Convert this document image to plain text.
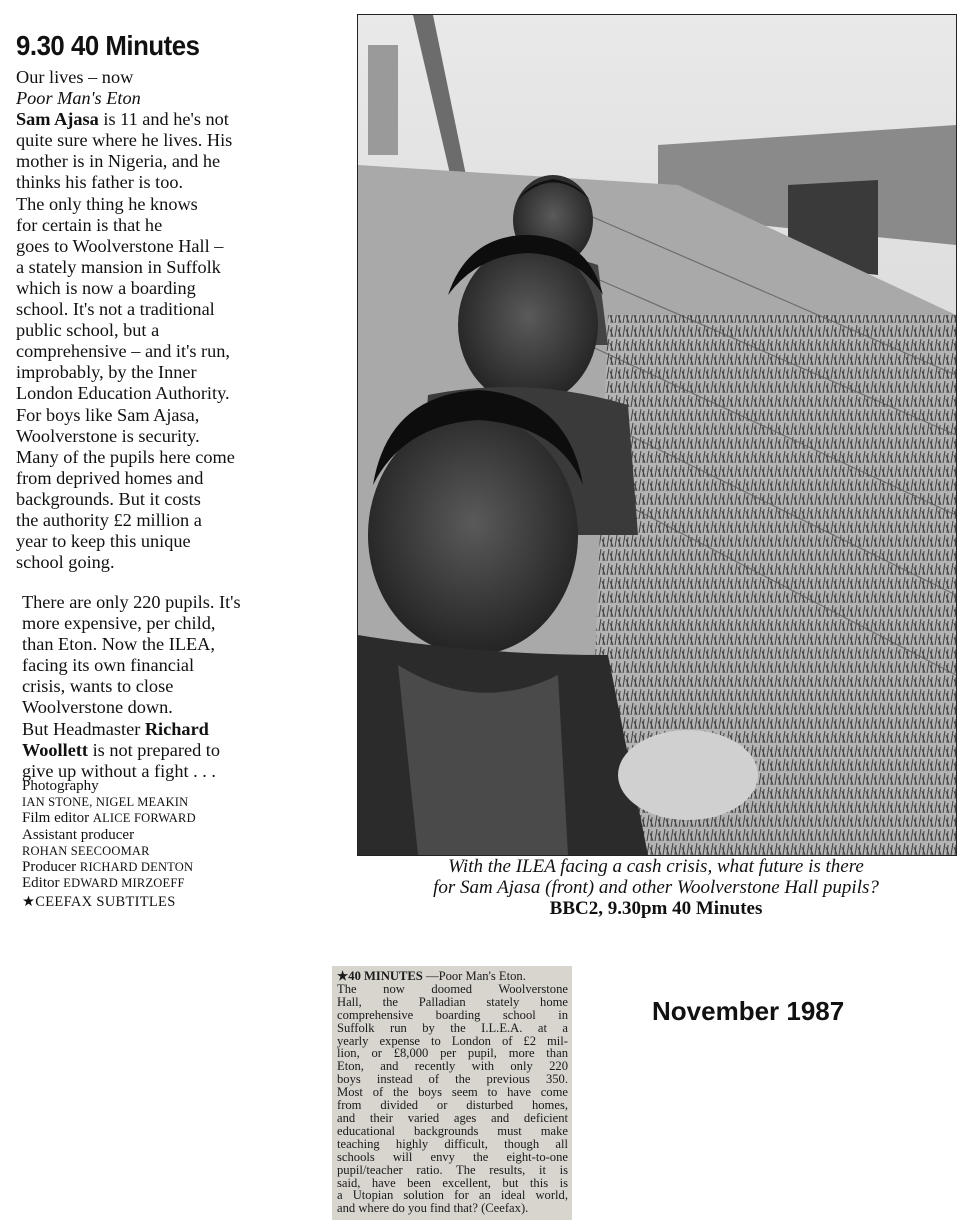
9.30 40 Minutes
Our lives – now
Poor Man's Eton
Sam Ajasa is 11 and he's not
quite sure where he lives. His
mother is in Nigeria, and he
thinks his father is too.
The only thing he knows
for certain is that he
goes to Woolverstone Hall –
a stately mansion in Suffolk
which is now a boarding
school. It's not a traditional
public school, but a
comprehensive – and it's run,
improbably, by the Inner
London Education Authority.
For boys like Sam Ajasa,
Woolverstone is security.
Many of the pupils here come
from deprived homes and
backgrounds. But it costs
the authority £2 million a
year to keep this unique
school going.
There are only 220 pupils. It's
more expensive, per child,
than Eton. Now the ILEA,
facing its own financial
crisis, wants to close
Woolverstone down.
But Headmaster Richard
Woollett is not prepared to
give up without a fight . . .
Photography
IAN STONE, NIGEL MEAKIN
Film editor ALICE FORWARD
Assistant producer
ROHAN SEECOOMAR
Producer RICHARD DENTON
Editor EDWARD MIRZOEFF
★CEEFAX SUBTITLES
With the ILEA facing a cash crisis, what future is there
for Sam Ajasa (front) and other Woolverstone Hall pupils?
BBC2, 9.30pm 40 Minutes
★40 MINUTES —Poor Man's Eton.
The now doomed Woolverstone
Hall, the Palladian stately home
comprehensive boarding school in
Suffolk run by the I.L.E.A. at a
yearly expense to London of £2 mil-
lion, or £8,000 per pupil, more than
Eton, and recently with only 220
boys instead of the previous 350.
Most of the boys seem to have come
from divided or disturbed homes,
and their varied ages and deficient
educational backgrounds must make
teaching highly difficult, though all
schools will envy the eight-to-one
pupil/teacher ratio. The results, it is
said, have been excellent, but this is
a Utopian solution for an ideal world,
and where do you find that? (Ceefax).
November 1987
